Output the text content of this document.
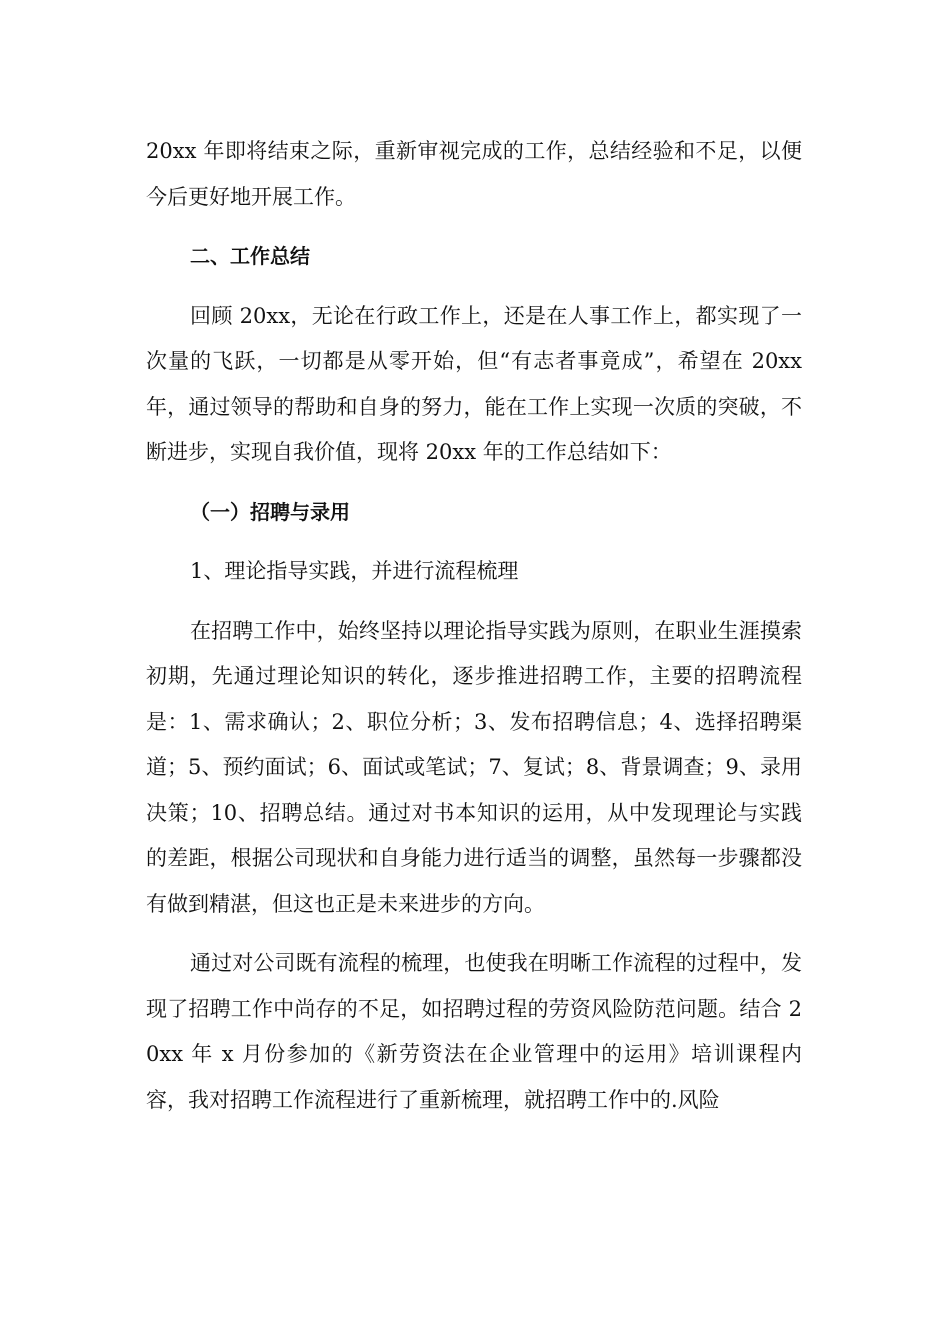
20xx 年即将结束之际，重新审视完成的工作，总结经验和不足，以便今后更好地开展工作。

二、工作总结

回顾 20xx，无论在行政工作上，还是在人事工作上，都实现了一次量的飞跃，一切都是从零开始，但“有志者事竟成”，希望在 20xx 年，通过领导的帮助和自身的努力，能在工作上实现一次质的突破，不断进步，实现自我价值，现将 20xx 年的工作总结如下：

（一）招聘与录用

1、理论指导实践，并进行流程梳理

在招聘工作中，始终坚持以理论指导实践为原则，在职业生涯摸索初期，先通过理论知识的转化，逐步推进招聘工作，主要的招聘流程是：1、需求确认；2、职位分析；3、发布招聘信息；4、选择招聘渠道；5、预约面试；6、面试或笔试；7、复试；8、背景调查；9、录用决策；10、招聘总结。通过对书本知识的运用，从中发现理论与实践的差距，根据公司现状和自身能力进行适当的调整，虽然每一步骤都没有做到精湛，但这也正是未来进步的方向。

通过对公司既有流程的梳理，也使我在明晰工作流程的过程中，发现了招聘工作中尚存的不足，如招聘过程的劳资风险防范问题。结合 20xx 年 x 月份参加的《新劳资法在企业管理中的运用》培训课程内容，我对招聘工作流程进行了重新梳理，就招聘工作中的.风险
